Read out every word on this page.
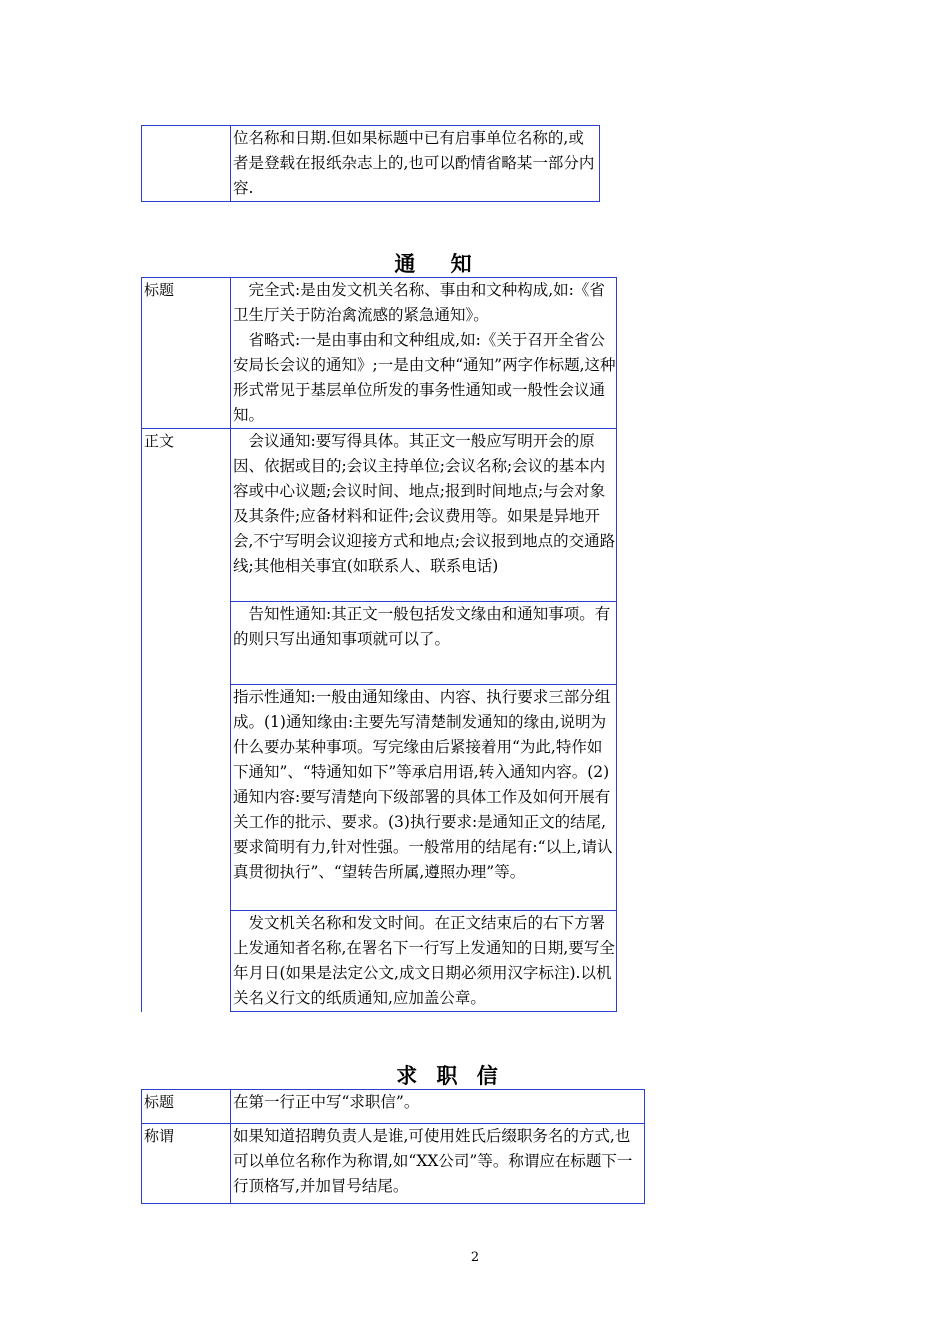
	位名称和日期.但如果标题中已有启事单位名称的,或者是登载在报纸杂志上的,也可以酌情省略某一部分内容.
通 知
标题	　完全式:是由发文机关名称、事由和文种构成,如:《省卫生厅关于防治禽流感的紧急通知》。
　省略式:一是由事由和文种组成,如:《关于召开全省公安局长会议的通知》;一是由文种“通知”两字作标题,这种形式常见于基层单位所发的事务性通知或一般性会议通知。
正文	　会议通知:要写得具体。其正文一般应写明开会的原因、依据或目的;会议主持单位;会议名称;会议的基本内容或中心议题;会议时间、地点;报到时间地点;与会对象及其条件;应备材料和证件;会议费用等。如果是异地开会,不宁写明会议迎接方式和地点;会议报到地点的交通路线;其他相关事宜(如联系人、联系电话)
	　告知性通知:其正文一般包括发文缘由和通知事项。有的则只写出通知事项就可以了。
	指示性通知:一般由通知缘由、内容、执行要求三部分组成。(1)通知缘由:主要先写清楚制发通知的缘由,说明为什么要办某种事项。写完缘由后紧接着用“为此,特作如下通知”、“特通知如下”等承启用语,转入通知内容。(2)通知内容:要写清楚向下级部署的具体工作及如何开展有关工作的批示、要求。(3)执行要求:是通知正文的结尾,要求简明有力,针对性强。一般常用的结尾有:“以上,请认真贯彻执行”、“望转告所属,遵照办理”等。
	　发文机关名称和发文时间。在正文结束后的右下方署上发通知者名称,在署名下一行写上发通知的日期,要写全年月日(如果是法定公文,成文日期必须用汉字标注).以机关名义行文的纸质通知,应加盖公章。
求 职 信
标题	在第一行正中写“求职信”。
称谓	如果知道招聘负责人是谁,可使用姓氏后缀职务名的方式,也可以单位名称作为称谓,如“XX公司”等。称谓应在标题下一行顶格写,并加冒号结尾。
2
